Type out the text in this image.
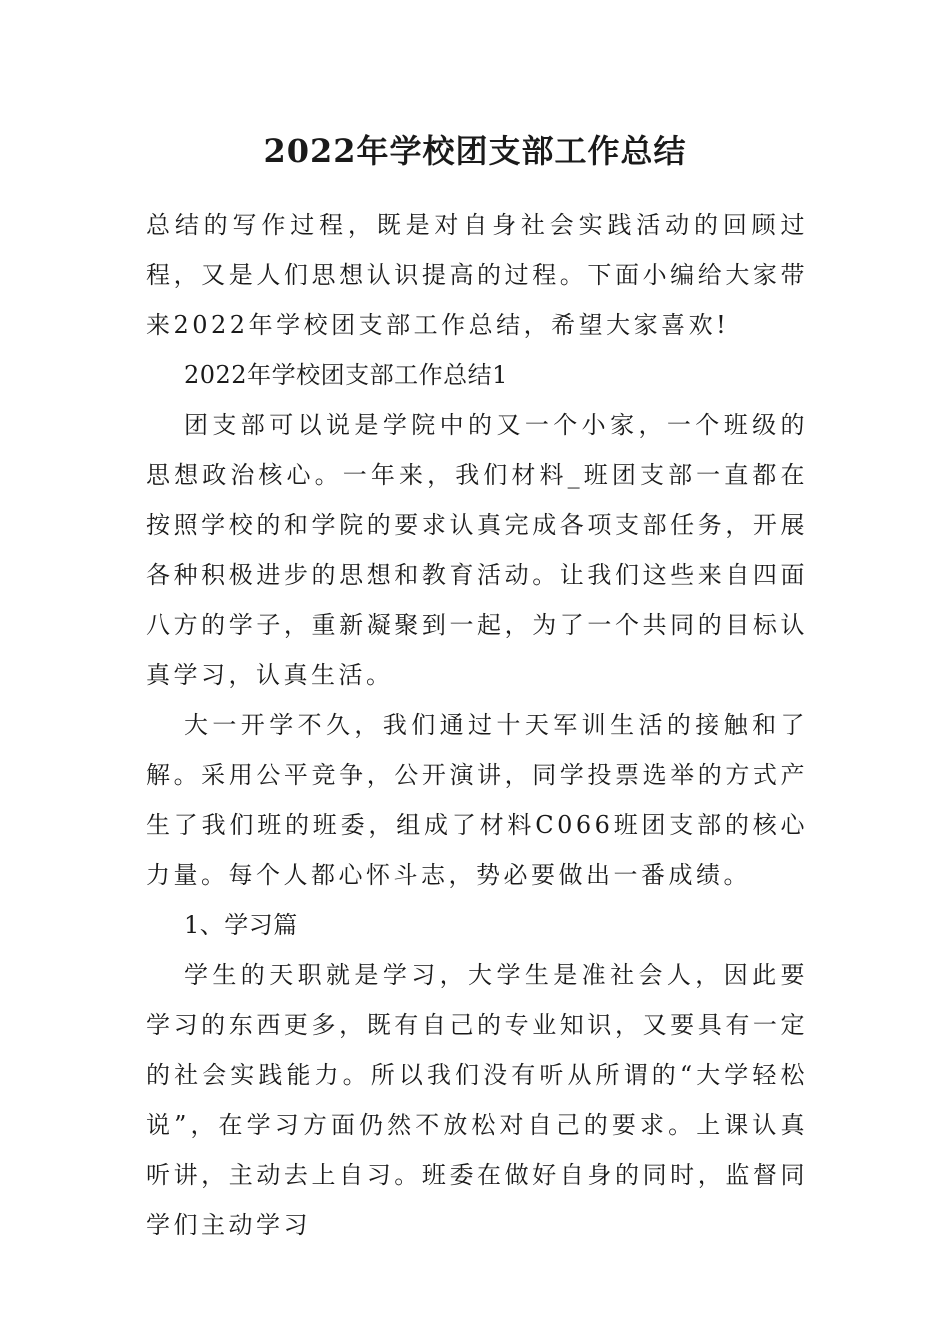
2022年学校团支部工作总结

总结的写作过程，既是对自身社会实践活动的回顾过程，又是人们思想认识提高的过程。下面小编给大家带来2022年学校团支部工作总结，希望大家喜欢!

2022年学校团支部工作总结1

团支部可以说是学院中的又一个小家，一个班级的思想政治核心。一年来，我们材料_班团支部一直都在按照学校的和学院的要求认真完成各项支部任务，开展各种积极进步的思想和教育活动。让我们这些来自四面八方的学子，重新凝聚到一起，为了一个共同的目标认真学习，认真生活。

大一开学不久，我们通过十天军训生活的接触和了解。采用公平竞争，公开演讲，同学投票选举的方式产生了我们班的班委，组成了材料C066班团支部的核心力量。每个人都心怀斗志，势必要做出一番成绩。

1、学习篇

学生的天职就是学习，大学生是准社会人，因此要学习的东西更多，既有自己的专业知识，又要具有一定的社会实践能力。所以我们没有听从所谓的“大学轻松说”，在学习方面仍然不放松对自己的要求。上课认真听讲，主动去上自习。班委在做好自身的同时，监督同学们主动学习
